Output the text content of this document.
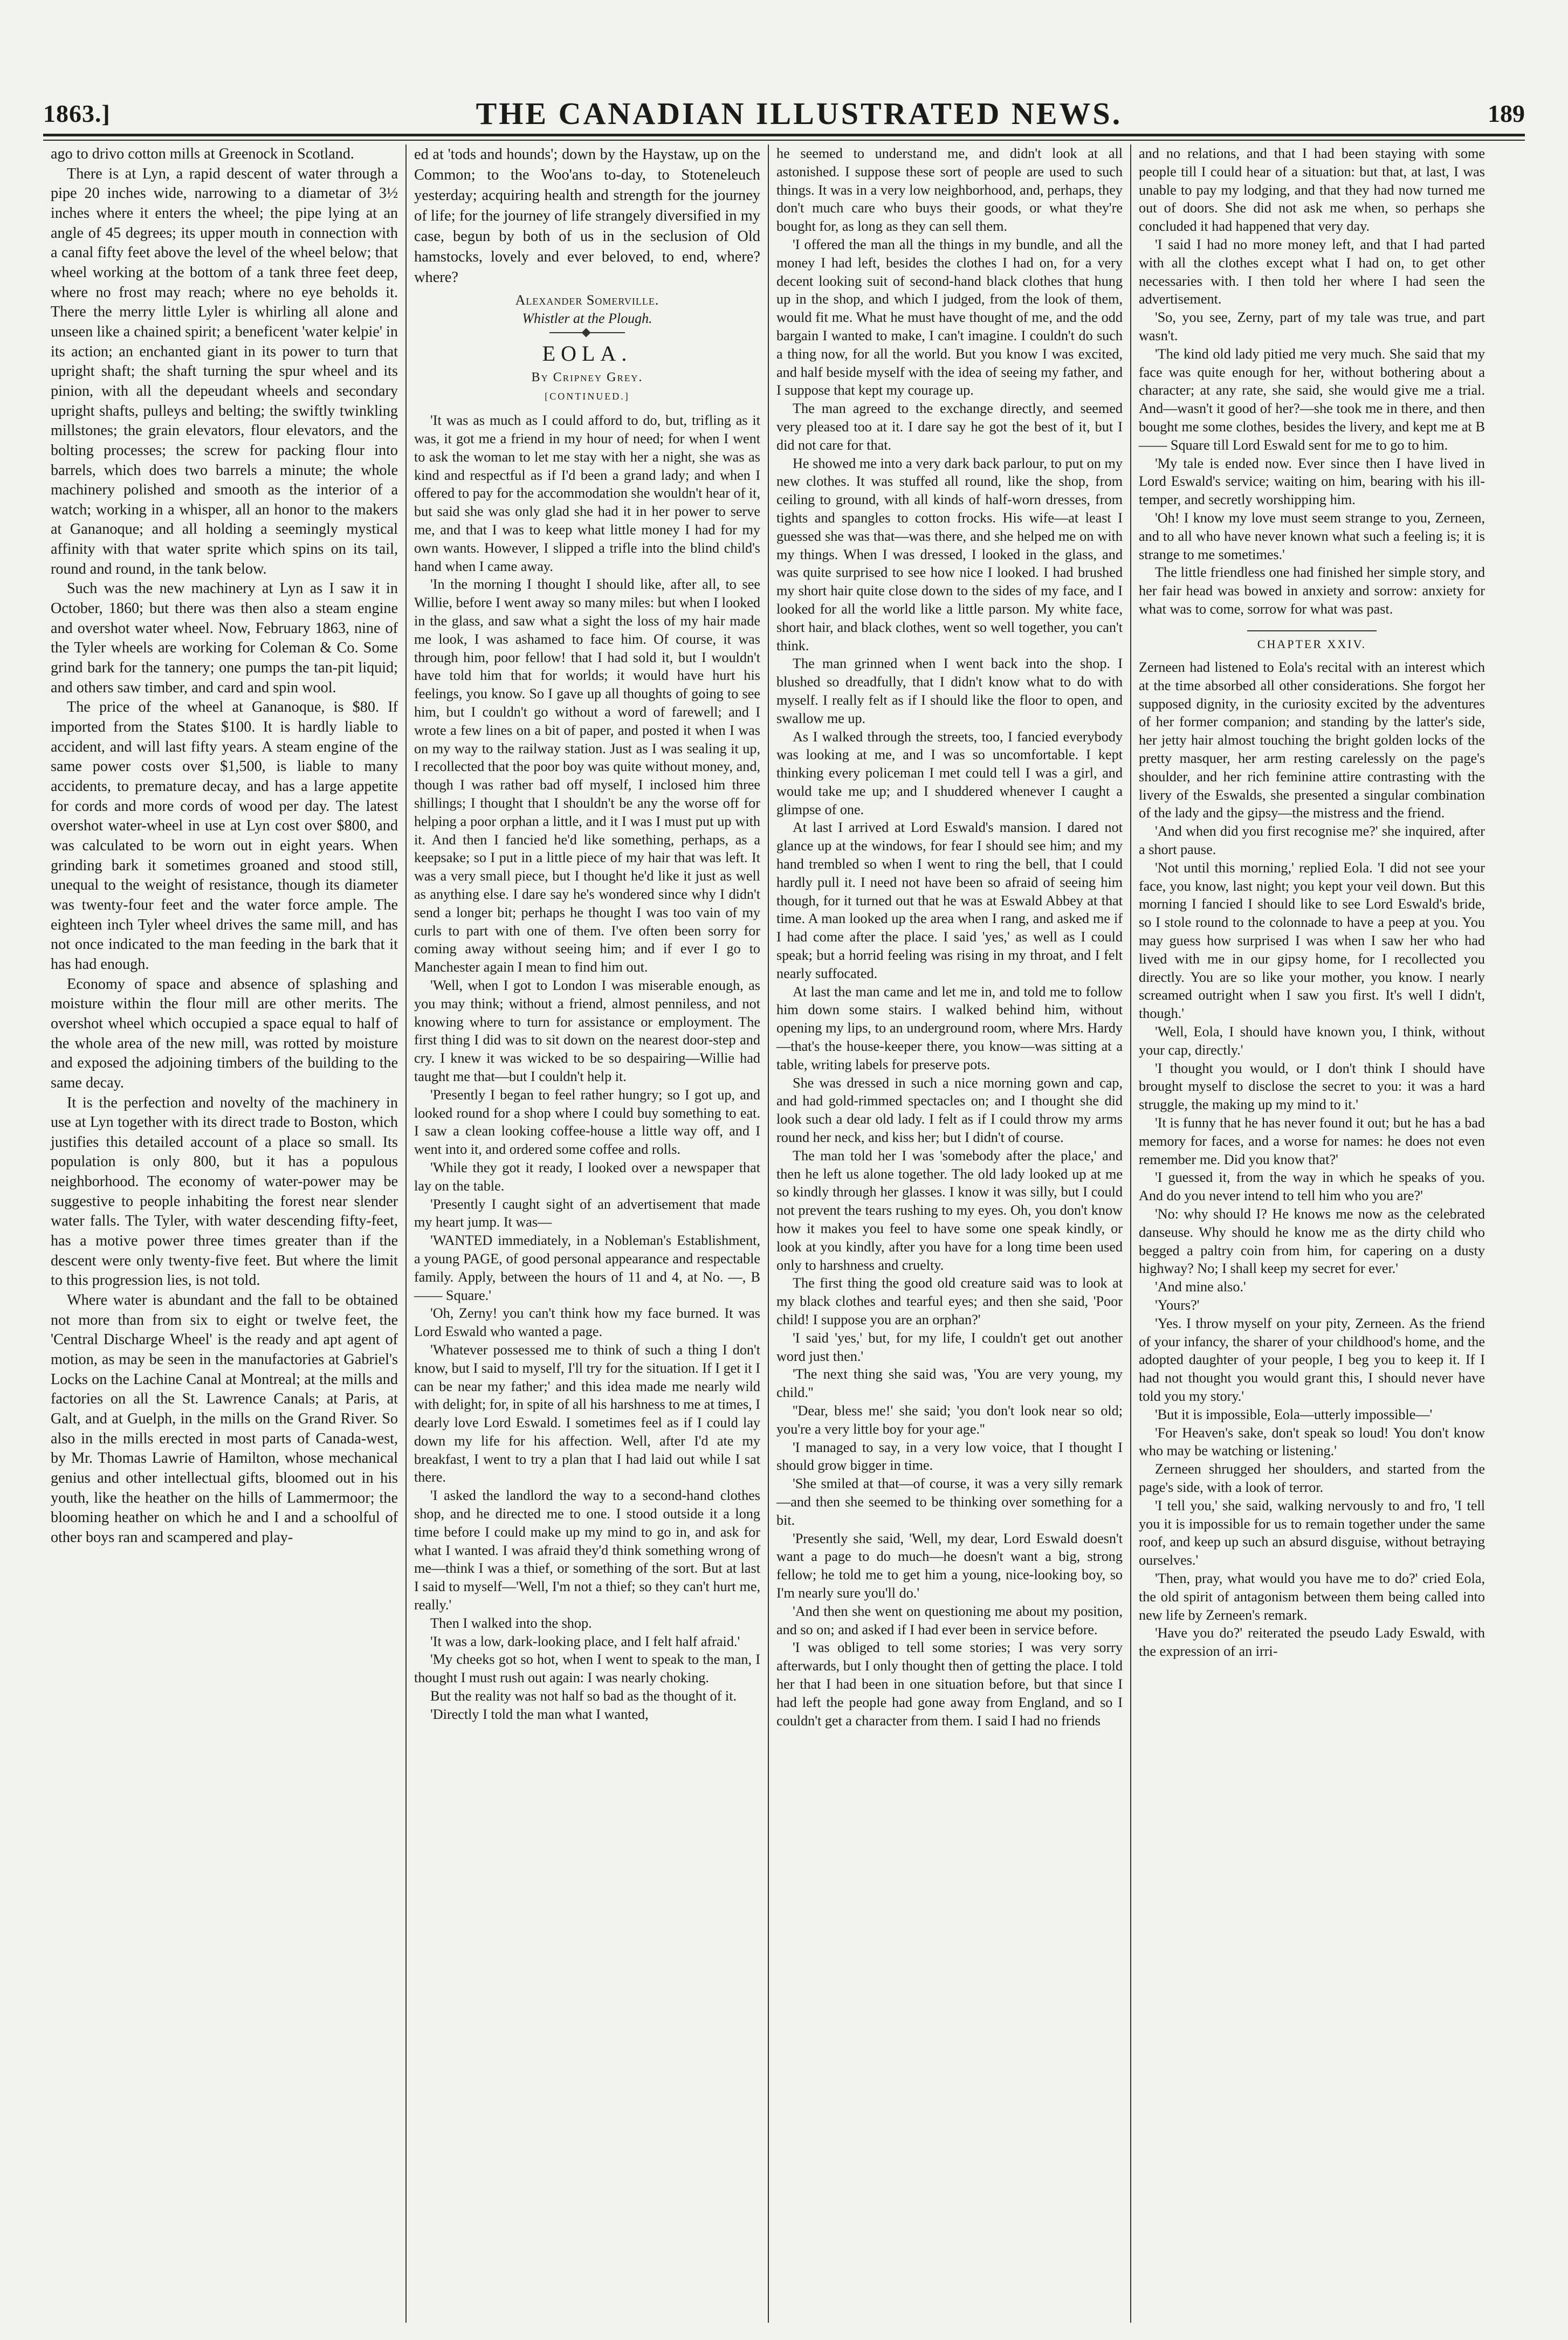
1863.]	THE CANADIAN ILLUSTRATED NEWS.	189

ago to drivo cotton mills at Greenock in Scotland.

There is at Lyn, a rapid descent of water through a pipe 20 inches wide, narrowing to a diametar of 3½ inches where it enters the wheel; the pipe lying at an angle of 45 degrees; its upper mouth in connection with a canal fifty feet above the level of the wheel below; that wheel working at the bottom of a tank three feet deep, where no frost may reach; where no eye beholds it. There the merry little Lyler is whirling all alone and unseen like a chained spirit; a beneficent 'water kelpie' in its action; an enchanted giant in its power to turn that upright shaft; the shaft turning the spur wheel and its pinion, with all the depeudant wheels and secondary upright shafts, pulleys and belting; the swiftly twinkling millstones; the grain elevators, flour elevators, and the bolting processes; the screw for packing flour into barrels, which does two barrels a minute; the whole machinery polished and smooth as the interior of a watch; working in a whisper, all an honor to the makers at Gananoque; and all holding a seemingly mystical affinity with that water sprite which spins on its tail, round and round, in the tank below.

Such was the new machinery at Lyn as I saw it in October, 1860; but there was then also a steam engine and overshot water wheel. Now, February 1863, nine of the Tyler wheels are working for Coleman & Co. Some grind bark for the tannery; one pumps the tan-pit liquid; and others saw timber, and card and spin wool.

The price of the wheel at Gananoque, is $80. If imported from the States $100. It is hardly liable to accident, and will last fifty years. A steam engine of the same power costs over $1,500, is liable to many accidents, to premature decay, and has a large appetite for cords and more cords of wood per day. The latest overshot water-wheel in use at Lyn cost over $800, and was calculated to be worn out in eight years. When grinding bark it sometimes groaned and stood still, unequal to the weight of resistance, though its diameter was twenty-four feet and the water force ample. The eighteen inch Tyler wheel drives the same mill, and has not once indicated to the man feeding in the bark that it has had enough.

Economy of space and absence of splashing and moisture within the flour mill are other merits. The overshot wheel which occupied a space equal to half of the whole area of the new mill, was rotted by moisture and exposed the adjoining timbers of the building to the same decay.

It is the perfection and novelty of the machinery in use at Lyn together with its direct trade to Boston, which justifies this detailed account of a place so small. Its population is only 800, but it has a populous neighborhood. The economy of water-power may be suggestive to people inhabiting the forest near slender water falls. The Tyler, with water descending fifty-feet, has a motive power three times greater than if the descent were only twenty-five feet. But where the limit to this progression lies, is not told.

Where water is abundant and the fall to be obtained not more than from six to eight or twelve feet, the 'Central Discharge Wheel' is the ready and apt agent of motion, as may be seen in the manufactories at Gabriel's Locks on the Lachine Canal at Montreal; at the mills and factories on all the St. Lawrence Canals; at Paris, at Galt, and at Guelph, in the mills on the Grand River. So also in the mills erected in most parts of Canada-west, by Mr. Thomas Lawrie of Hamilton, whose mechanical genius and other intellectual gifts, bloomed out in his youth, like the heather on the hills of Lammermoor; the blooming heather on which he and I and a schoolful of other boys ran and scampered and play-

ed at 'tods and hounds'; down by the Haystaw, up on the Common; to the Woo'ans to-day, to Stoteneleuch yesterday; acquiring health and strength for the journey of life; for the journey of life strangely diversified in my case, begun by both of us in the seclusion of Old hamstocks, lovely and ever beloved, to end, where? where?

Alexander Somerville.
Whistler at the Plough.
EOLA.
By Cripney Grey.
[CONTINUED.]

'It was as much as I could afford to do, but, trifling as it was, it got me a friend in my hour of need; for when I went to ask the woman to let me stay with her a night, she was as kind and respectful as if I'd been a grand lady; and when I offered to pay for the accommodation she wouldn't hear of it, but said she was only glad she had it in her power to serve me, and that I was to keep what little money I had for my own wants. However, I slipped a trifle into the blind child's hand when I came away.

'In the morning I thought I should like, after all, to see Willie, before I went away so many miles: but when I looked in the glass, and saw what a sight the loss of my hair made me look, I was ashamed to face him. Of course, it was through him, poor fellow! that I had sold it, but I wouldn't have told him that for worlds; it would have hurt his feelings, you know. So I gave up all thoughts of going to see him, but I couldn't go without a word of farewell; and I wrote a few lines on a bit of paper, and posted it when I was on my way to the railway station. Just as I was sealing it up, I recollected that the poor boy was quite without money, and, though I was rather bad off myself, I inclosed him three shillings; I thought that I shouldn't be any the worse off for helping a poor orphan a little, and it I was I must put up with it. And then I fancied he'd like something, perhaps, as a keepsake; so I put in a little piece of my hair that was left. It was a very small piece, but I thought he'd like it just as well as anything else. I dare say he's wondered since why I didn't send a longer bit; perhaps he thought I was too vain of my curls to part with one of them. I've often been sorry for coming away without seeing him; and if ever I go to Manchester again I mean to find him out.

'Well, when I got to London I was miserable enough, as you may think; without a friend, almost penniless, and not knowing where to turn for assistance or employment. The first thing I did was to sit down on the nearest door-step and cry. I knew it was wicked to be so despairing—Willie had taught me that—but I couldn't help it.

'Presently I began to feel rather hungry; so I got up, and looked round for a shop where I could buy something to eat. I saw a clean looking coffee-house a little way off, and I went into it, and ordered some coffee and rolls.

'While they got it ready, I looked over a newspaper that lay on the table.

'Presently I caught sight of an advertisement that made my heart jump. It was—

'WANTED immediately, in a Nobleman's Establishment, a young PAGE, of good personal appearance and respectable family. Apply, between the hours of 11 and 4, at No. —, B—— Square.'

'Oh, Zerny! you can't think how my face burned. It was Lord Eswald who wanted a page.

'Whatever possessed me to think of such a thing I don't know, but I said to myself, I'll try for the situation. If I get it I can be near my father;' and this idea made me nearly wild with delight; for, in spite of all his harshness to me at times, I dearly love Lord Eswald. I sometimes feel as if I could lay down my life for his affection. Well, after I'd ate my breakfast, I went to try a plan that I had laid out while I sat there.

'I asked the landlord the way to a second-hand clothes shop, and he directed me to one. I stood outside it a long time before I could make up my mind to go in, and ask for what I wanted. I was afraid they'd think something wrong of me—think I was a thief, or something of the sort. But at last I said to myself—'Well, I'm not a thief; so they can't hurt me, really.'

Then I walked into the shop.

'It was a low, dark-looking place, and I felt half afraid.'

'My cheeks got so hot, when I went to speak to the man, I thought I must rush out again: I was nearly choking.

But the reality was not half so bad as the thought of it.

'Directly I told the man what I wanted,

he seemed to understand me, and didn't look at all astonished. I suppose these sort of people are used to such things. It was in a very low neighborhood, and, perhaps, they don't much care who buys their goods, or what they're bought for, as long as they can sell them.

'I offered the man all the things in my bundle, and all the money I had left, besides the clothes I had on, for a very decent looking suit of second-hand black clothes that hung up in the shop, and which I judged, from the look of them, would fit me. What he must have thought of me, and the odd bargain I wanted to make, I can't imagine. I couldn't do such a thing now, for all the world. But you know I was excited, and half beside myself with the idea of seeing my father, and I suppose that kept my courage up.

The man agreed to the exchange directly, and seemed very pleased too at it. I dare say he got the best of it, but I did not care for that.

He showed me into a very dark back parlour, to put on my new clothes. It was stuffed all round, like the shop, from ceiling to ground, with all kinds of half-worn dresses, from tights and spangles to cotton frocks. His wife—at least I guessed she was that—was there, and she helped me on with my things. When I was dressed, I looked in the glass, and was quite surprised to see how nice I looked. I had brushed my short hair quite close down to the sides of my face, and I looked for all the world like a little parson. My white face, short hair, and black clothes, went so well together, you can't think.

The man grinned when I went back into the shop. I blushed so dreadfully, that I didn't know what to do with myself. I really felt as if I should like the floor to open, and swallow me up.

As I walked through the streets, too, I fancied everybody was looking at me, and I was so uncomfortable. I kept thinking every policeman I met could tell I was a girl, and would take me up; and I shuddered whenever I caught a glimpse of one.

At last I arrived at Lord Eswald's mansion. I dared not glance up at the windows, for fear I should see him; and my hand trembled so when I went to ring the bell, that I could hardly pull it. I need not have been so afraid of seeing him though, for it turned out that he was at Eswald Abbey at that time. A man looked up the area when I rang, and asked me if I had come after the place. I said 'yes,' as well as I could speak; but a horrid feeling was rising in my throat, and I felt nearly suffocated.

At last the man came and let me in, and told me to follow him down some stairs. I walked behind him, without opening my lips, to an underground room, where Mrs. Hardy—that's the house-keeper there, you know—was sitting at a table, writing labels for preserve pots.

She was dressed in such a nice morning gown and cap, and had gold-rimmed spectacles on; and I thought she did look such a dear old lady. I felt as if I could throw my arms round her neck, and kiss her; but I didn't of course.

The man told her I was 'somebody after the place,' and then he left us alone together. The old lady looked up at me so kindly through her glasses. I know it was silly, but I could not prevent the tears rushing to my eyes. Oh, you don't know how it makes you feel to have some one speak kindly, or look at you kindly, after you have for a long time been used only to harshness and cruelty.

The first thing the good old creature said was to look at my black clothes and tearful eyes; and then she said, 'Poor child! I suppose you are an orphan?'

'I said 'yes,' but, for my life, I couldn't get out another word just then.'

'The next thing she said was, 'You are very young, my child.''

''Dear, bless me!' she said; 'you don't look near so old; you're a very little boy for your age.''

'I managed to say, in a very low voice, that I thought I should grow bigger in time.

'She smiled at that—of course, it was a very silly remark—and then she seemed to be thinking over something for a bit.

'Presently she said, 'Well, my dear, Lord Eswald doesn't want a page to do much—he doesn't want a big, strong fellow; he told me to get him a young, nice-looking boy, so I'm nearly sure you'll do.'

'And then she went on questioning me about my position, and so on; and asked if I had ever been in service before.

'I was obliged to tell some stories; I was very sorry afterwards, but I only thought then of getting the place. I told her that I had been in one situation before, but that since I had left the people had gone away from England, and so I couldn't get a character from them. I said I had no friends

and no relations, and that I had been staying with some people till I could hear of a situation: but that, at last, I was unable to pay my lodging, and that they had now turned me out of doors. She did not ask me when, so perhaps she concluded it had happened that very day.

'I said I had no more money left, and that I had parted with all the clothes except what I had on, to get other necessaries with. I then told her where I had seen the advertisement.

'So, you see, Zerny, part of my tale was true, and part wasn't.

'The kind old lady pitied me very much. She said that my face was quite enough for her, without bothering about a character; at any rate, she said, she would give me a trial. And—wasn't it good of her?—she took me in there, and then bought me some clothes, besides the livery, and kept me at B—— Square till Lord Eswald sent for me to go to him.

'My tale is ended now. Ever since then I have lived in Lord Eswald's service; waiting on him, bearing with his ill-temper, and secretly worshipping him.

'Oh! I know my love must seem strange to you, Zerneen, and to all who have never known what such a feeling is; it is strange to me sometimes.'

The little friendless one had finished her simple story, and her fair head was bowed in anxiety and sorrow: anxiety for what was to come, sorrow for what was past.

CHAPTER XXIV.

Zerneen had listened to Eola's recital with an interest which at the time absorbed all other considerations. She forgot her supposed dignity, in the curiosity excited by the adventures of her former companion; and standing by the latter's side, her jetty hair almost touching the bright golden locks of the pretty masquer, her arm resting carelessly on the page's shoulder, and her rich feminine attire contrasting with the livery of the Eswalds, she presented a singular combination of the lady and the gipsy—the mistress and the friend.

'And when did you first recognise me?' she inquired, after a short pause.

'Not until this morning,' replied Eola. 'I did not see your face, you know, last night; you kept your veil down. But this morning I fancied I should like to see Lord Eswald's bride, so I stole round to the colonnade to have a peep at you. You may guess how surprised I was when I saw her who had lived with me in our gipsy home, for I recollected you directly. You are so like your mother, you know. I nearly screamed outright when I saw you first. It's well I didn't, though.'

'Well, Eola, I should have known you, I think, without your cap, directly.'

'I thought you would, or I don't think I should have brought myself to disclose the secret to you: it was a hard struggle, the making up my mind to it.'

'It is funny that he has never found it out; but he has a bad memory for faces, and a worse for names: he does not even remember me. Did you know that?'

'I guessed it, from the way in which he speaks of you. And do you never intend to tell him who you are?'

'No: why should I? He knows me now as the celebrated danseuse. Why should he know me as the dirty child who begged a paltry coin from him, for capering on a dusty highway? No; I shall keep my secret for ever.'

'And mine also.'

'Yours?'

'Yes. I throw myself on your pity, Zerneen. As the friend of your infancy, the sharer of your childhood's home, and the adopted daughter of your people, I beg you to keep it. If I had not thought you would grant this, I should never have told you my story.'

'But it is impossible, Eola—utterly impossible—'

'For Heaven's sake, don't speak so loud! You don't know who may be watching or listening.'

Zerneen shrugged her shoulders, and started from the page's side, with a look of terror.

'I tell you,' she said, walking nervously to and fro, 'I tell you it is impossible for us to remain together under the same roof, and keep up such an absurd disguise, without betraying ourselves.'

'Then, pray, what would you have me to do?' cried Eola, the old spirit of antagonism between them being called into new life by Zerneen's remark.

'Have you do?' reiterated the pseudo Lady Eswald, with the expression of an irri-
